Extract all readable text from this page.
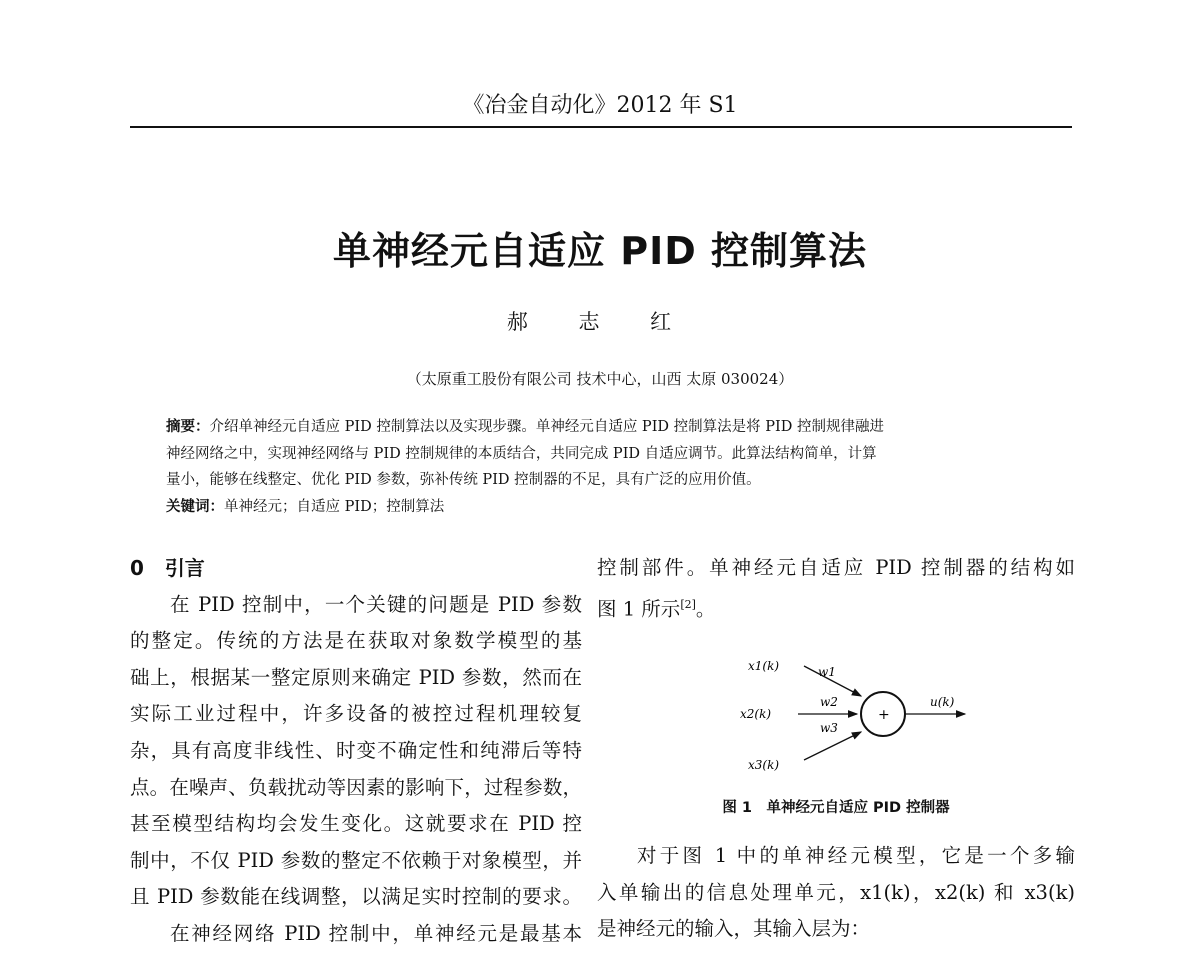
《冶金自动化》2012 年 S1
单神经元自适应 PID 控制算法
郝 志 红
（太原重工股份有限公司 技术中心，山西 太原 030024）
摘要：介绍单神经元自适应 PID 控制算法以及实现步骤。单神经元自适应 PID 控制算法是将 PID 控制规律融进
神经网络之中，实现神经网络与 PID 控制规律的本质结合，共同完成 PID 自适应调节。此算法结构简单，计算
量小，能够在线整定、优化 PID 参数，弥补传统 PID 控制器的不足，具有广泛的应用价值。
关键词：单神经元；自适应 PID；控制算法
0 引言
在 PID 控制中，一个关键的问题是 PID 参数
的整定。传统的方法是在获取对象数学模型的基
础上，根据某一整定原则来确定 PID 参数，然而在
实际工业过程中，许多设备的被控过程机理较复
杂，具有高度非线性、时变不确定性和纯滞后等特
点。在噪声、负载扰动等因素的影响下，过程参数，
甚至模型结构均会发生变化。这就要求在 PID 控
制中，不仅 PID 参数的整定不依赖于对象模型，并
且 PID 参数能在线调整，以满足实时控制的要求。
在神经网络 PID 控制中，单神经元是最基本
控制部件。单神经元自适应 PID 控制器的结构如
图 1 所示[2]。
x1(k)
x2(k)
x3(k)
w1
w2
w3
+
u(k)
图 1　单神经元自适应 PID 控制器
对于图 1 中的单神经元模型，它是一个多输
入单输出的信息处理单元，x1(k)，x2(k) 和 x3(k)
是神经元的输入，其输入层为：
